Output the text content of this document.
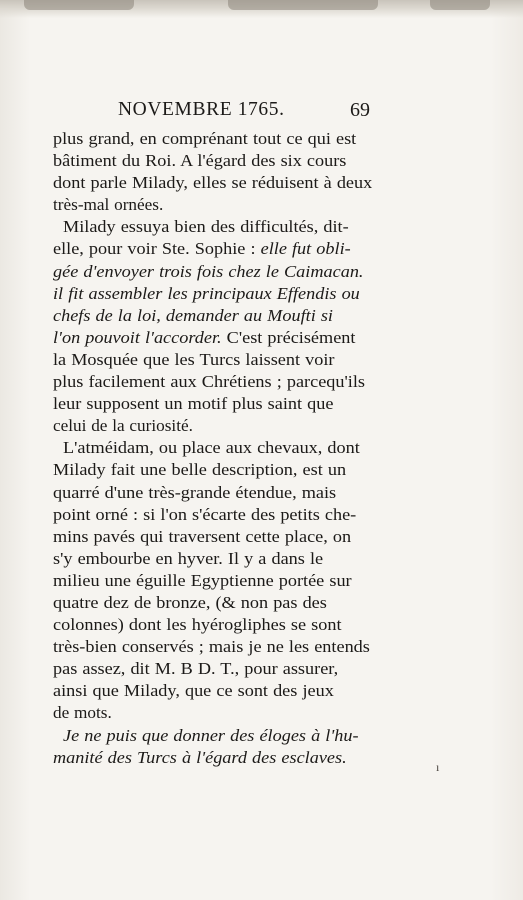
NOVEMBRE 1765.	69
plus grand, en comprénant tout ce qui est
bâtiment du Roi. A l'égard des six cours
dont parle Milady, elles se réduisent à deux
très-mal ornées.
Milady essuya bien des difficultés, dit-
elle, pour voir Ste. Sophie : elle fut obli-
gée d'envoyer trois fois chez le Caimacan.
il fit assembler les principaux Effendis ou
chefs de la loi, demander au Moufti si
l'on pouvoit l'accorder. C'est précisément
la Mosquée que les Turcs laissent voir
plus facilement aux Chrétiens ; parcequ'ils
leur supposent un motif plus saint que
celui de la curiosité.
L'atméidam, ou place aux chevaux, dont
Milady fait une belle description, est un
quarré d'une très-grande étendue, mais
point orné : si l'on s'écarte des petits che-
mins pavés qui traversent cette place, on
s'y embourbe en hyver. Il y a dans le
milieu une éguille Egyptienne portée sur
quatre dez de bronze, (& non pas des
colonnes) dont les hyérogliphes se sont
très-bien conservés ; mais je ne les entends
pas assez, dit M. B D. T., pour assurer,
ainsi que Milady, que ce sont des jeux
de mots.
Je ne puis que donner des éloges à l'hu-
manité des Turcs à l'égard des esclaves.
ı
